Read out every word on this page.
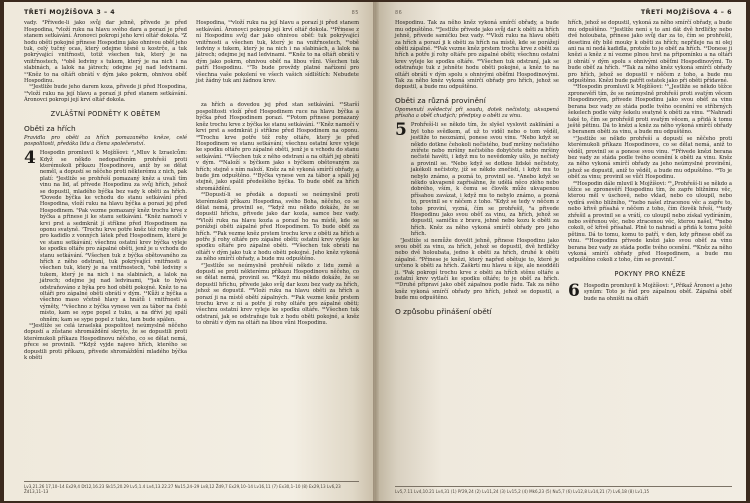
TŘETÍ MOJŽÍŠOVA 3 – 4	85

vady. ³Přivede-li jako svůj dar jehně, přivede je před Hospodina, ⁸vloží ruku na hlavu svého daru a porazí je před stanem setkávání. Áronovci pokropí jeho krví oltář dokola. ⁹Z hodu oběti pokojné přinese Hospodinu jako ohnivou oběť jeho tuk, celý tučný ocas, který odejme těsně u kostrče, a tuk pokrývající vnitřnosti, totiž všechen tuk, který je na vnitřnostech, ¹⁰obě ledviny s tukem, který je na nich i na slabinách, a lalok na játrech; odejme jej nad ledvinami. ¹¹Kněz to na oltáři obrátí v dým jako pokrm, ohnivou oběť Hospodinu.

¹²Jestliže bude jeho darem koza, přivede ji před Hospodina, ¹³vloží ruku na její hlavu a porazí ji před stanem setkávání. Áronovci pokropí její krví oltář dokola.

ZVLÁŠTNÍ PODNĚTY K OBĚTEM
Oběti za hřích
Pravidla pro oběti za hřích pomazaného kněze, celé pospolitosti, předáka lidu a člena společenství.
4 Hospodin promluvil k Mojžíšovi: ²„Mluv k Izraelcům: Když se někdo nedopatřením prohřeší proti kterémukoli příkazu Hospodinovu, aniž by se dělat neměl, a dopustí se něčeho proti některému z nich, pak platí: ³Jestliže se prohřeší pomazaný kněz a uvalí tím vinu na lid, ať přivede Hospodinu za svůj hřích, jehož se dopustil, mladého býčka bez vady k oběti za hřích. ⁴Dovede býčka ke vchodu do stanu setkávání před Hospodina, vloží ruku na hlavu býčka a porazí jej před Hospodinem. ⁵Pak vezme pomazaný kněz trochu krve z býčka a přinese ji ke stanu setkávání. ⁶Kněz namočí v krvi prst a sedmkrát jí stříkne před Hospodinem na oponu svatyně. ⁷Trochu krve potře kněz též rohy oltáře pro kadidlo z vonných látek před Hospodinem, které je ve stanu setkávání; všechnu ostatní krev býčka vyleje ke spodku oltáře pro zápalné oběti, jenž je u vchodu do stanu setkávání. ⁸Všechen tuk z býčka obětovaného za hřích z něho odstraní, tuk pokrývající vnitřnosti a všechen tuk, který je na vnitřnostech, ⁹obě ledviny s tukem, který je na nich i na slabinách, a lalok na játrech; odejme jej nad ledvinami, ¹⁰jak to bývá odstraňováno z býka pro hod oběti pokojné. Kněz to na oltáři pro zápalné oběti obrátí v dým. ¹¹Kůži z býčka a všechno maso včetně hlavy a hnátů i vnitřnosti a výměty, ¹²všechno z býčka vynese ven za tábor na čisté místo, kam se sype popel z tuku, a na dříví jej spálí ohněm; kam se sype popel z tuku, tam bude spálen.

¹³Jestliže se celá izraelská pospolitost neúmyslně něčeho dopustí a zůstane shromáždění skryto, že se dopustili proti kterémukoli příkazu Hospodinovu něčeho, co se dělat nemá, přece se provinili. ¹⁴Když vyjde najevo hřích, kterého se dopustili proti příkazu, přivede shromáždění mladého býčka k oběti

Hospodina, ¹³vloží ruku na její hlavu a porazí ji před stanem setkávání. Áronovci pokropí její krví oltář dokola. ¹⁴Přinese z ní Hospodinu svůj dar jako ohnivou oběť: tuk pokrývající vnitřnosti a všechen tuk, který je na vnitřnostech, ¹⁵obě ledviny s tukem, který je na nich i na slabinách, a lalok na játrech; odejme jej nad ledvinami. ¹⁶Kněz to na oltáři obrátí v dým jako pokrm, ohnivou oběť na libou vůni. Všechen tuk patří Hospodinu. ¹⁷To bude provždy platné nařízení pro všechna vaše pokolení ve všech vašich sídlištích: Nebudete jíst žádný tuk ani žádnou krev.

za hřích a dovedou jej před stan setkávání. ¹⁵Starší pospolitosti vloží před Hospodinem ruce na hlavu býčka a býčka před Hospodinem porazí. ¹⁶Potom přinese pomazaný kněz trochu krve z býčka ke stanu setkávání. ¹⁷Kněz namočí v krvi prst a sedmkrát jí stříkne před Hospodinem na oponu. ¹⁸Trochu krve potře též rohy oltáře, který je před Hospodinem ve stanu setkávání; všechnu ostatní krev vyleje ke spodku oltáře pro zápalné oběti, jenž je u vchodu do stanu setkávání. ¹⁹Všechen tuk z něho odstraní a na oltáři jej obrátí v dým. ²⁰Naloží s býčkem jako s býčkem obětovaným za hřích; stejně s ním naloží. Kněz za ně vykoná smírčí obřady, a bude jim odpuštěno. ²¹Býčka vynese ven za tábor a spálí jej stejně, jako spálil předešlého býčka. To bude oběť za hřích shromáždění.

²²Dopustí-li se předák a dopustí se neúmyslně proti kterémukoli příkazu Hospodina, svého Boha, něčeho, co se dělat nemá, provinil se, ²³když mu někdo dokáže, že se dopustil hříchu, přivede jako dar kozla, samce bez vady. ²⁴Vloží ruku na hlavu kozla a porazí ho na místě, kde se porážejí oběti zápalné před Hospodinem. To bude oběť za hřích. ²⁵Pak vezme kněz prstem trochu krve z oběti za hřích a potře jí rohy oltáře pro zápalné oběti; ostatní krev vyleje ke spodku oltáře pro zápalné oběti. ²⁶Všechen tuk obrátí na oltáři v dým jako tuk z hodu oběti pokojné. Jeho kněz vykoná za něho smírčí obřady, a bude mu odpuštěno.

²⁷Jestliže se neúmyslně prohřeší někdo z lidu země a dopustí se proti některému příkazu Hospodinovu něčeho, co se dělat nemá, provinil se. ²⁸Když mu někdo dokáže, že se dopustil hříchu, přivede jako svůj dar kozu bez vady za hřích, jehož se dopustil. ²⁹Vloží ruku na hlavu oběti za hřích a porazí ji na místě obětí zápalných. ³⁰Pak vezme kněz prstem trochu krve z ní a potře jí rohy oltáře pro zápalné oběti; všechnu ostatní krev vyleje ke spodku oltáře. ³¹Všechen tuk odstraní, jak se odstraňuje tuk z hodu oběti pokojné, a kněz to obrátí v dým na oltáři na libou vůni Hospodinu.

Lv3,21.26 17,10–14 Ex29,4 Dt12,16.23 Sk15,20.29 Lv5,1.4 Lv4,13.22.27 Nu15,24–29 Lv8,12 Žd9,7 Ex29,10–14 Lv16,11 (7) Ex30,1–10 (8) Ex29,13 Lv6,23 Žd13,11–13
86	TŘETÍ MOJŽÍŠOVA 4 – 6

Hospodinu. Tak za něho kněz vykoná smírčí obřady, a bude mu odpuštěno. ³²Jestliže přivede jako svůj dar k oběti za hřích jehně, přivede samičku bez vady. ³³Vloží ruku na hlavu oběti za hřích a porazí ji k oběti za hřích na místě, kde se porážejí oběti zápalné. ³⁴Pak vezme kněz prstem trochu krve z oběti za hřích a potře jí rohy oltáře pro zápalné oběti; všechnu ostatní krev vyleje ke spodku oltáře. ³⁵Všechen tuk odstraní, jak se odstraňuje tuk z jehněte hodu oběti pokojné, a kněz to na oltáři obrátí v dým spolu s ohnivými oběťmi Hospodinovými. Tak za něho kněz vykoná smírčí obřady pro hřích, jehož se dopustil, a bude mu odpuštěno.

Oběti za různá provinění
Opomenutí svědectví při soudu, dotek nečistoty, ukvapená přísaha a oběť chudých; předpisy o oběti za vinu.
5 Prohřeší-li se někdo tím, že slyšel vyslovit zaklínání a byl toho svědkem, ať už to viděl nebo o tom věděl, jestliže to neoznámí, ponese svou vinu. ²Nebo když se někdo dotkne čehokoli nečistého, buď mršiny nečistého zvířete nebo mršiny nečistého dobytčete nebo mršiny nečisté havěti, i když mu to nevědomky ušlo, je nečistý a provinil se. ³Nebo když se dotkne lidské nečistoty, jakékoli nečistoty, jíž se někdo znečistí, i když mu to nebylo známo, a pozná to, provinil se. ⁴Anebo když se někdo ukvapeně zapřisáhne, že udělá něco zlého nebo dobrého, vším, k čemu se člověk může ukvapenou přísahou zavázat, i když mu to nebylo známo, a pozná to, provinil se v něčem z toho. ⁵Když se tedy v něčem z toho proviní, vyzná, čím se prohřešil, ⁶a přivede Hospodinu jako svou oběť za vinu, za hřích, jehož se dopustil, samičku z bravu, jehně nebo kozu k oběti za hřích. Kněz za něho vykoná smírčí obřady pro jeho hřích.

⁷Jestliže si nemůže dovolit jehně, přinese Hospodinu jako svou oběť za vinu, za hřích, jehož se dopustil, dvě hrdličky nebo dvě holoubata, jedno k oběti za hřích, druhé k oběti zápalné. ⁸Přinese je knězi, který napřed obětuje to, které je určeno k oběti za hřích. Zaškrtí mu hlavu u šíje, ale neoddělí ji. ⁹Pak pokropí trochu krve z oběti za hřích stěnu oltáře a ostatní krev vytlačí ke spodku oltáře; to je oběť za hřích. ¹⁰Druhé připraví jako oběť zápalnou podle řádu. Tak za něho kněz vykoná smírčí obřady pro hřích, jehož se dopustil, a bude mu odpuštěno.

O způsobu přinášení obětí

hřích, jehož se dopustil, vykoná za něho smírčí obřady, a bude mu odpuštěno. ¹¹Jestliže není s to ani dát dvě hrdličky nebo dvě holoubata, přinese jako svůj dar za to, čím se prohřešil, desetinu éfy bílé mouky k oběti za hřích; nepřileje na ni olej ani na ni nedá kadidla, protože to je oběť za hřích. ¹²Donese ji knězi a kněz z ní vezme plnou hrst na připomínku a na oltáři ji obrátí v dým spolu s ohnivými oběťmi Hospodinovými. To bude oběť za hřích. ¹³Tak za něho kněz vykoná smírčí obřady pro hřích, jehož se dopustil v něčem z toho, a bude mu odpuštěno. Knězi bude patřit ostatek jako při oběti přídavné.

¹⁴Hospodin promluvil k Mojžíšovi: ¹⁵„Jestliže se někdo těžce zpronevěří tím, že se neúmyslně prohřeší proti svatým věcem Hospodinovým, přivede Hospodinu jako svou oběť za vinu berana bez vady ze stáda podle tvého ocenění ve stříbrných šekelech podle váhy šekelu svatyně k oběti za vinu. ¹⁶Nahradí také to, čím se prohřešil proti svatým věcem, a přidá k tomu ještě pětinu. Dá to knězi a kněz za něho vykoná smírčí obřady s beranem oběti za vinu, a bude mu odpuštěno.

¹⁷Jestliže se někdo prohřeší a dopustí se něčeho proti kterémukoli příkazu Hospodinovu, co se dělat nemá, aniž to věděl, provinil se a ponese svou vinu. ¹⁸Přivede knězi berana bez vady ze stáda podle tvého ocenění k oběti za vinu. Kněz za něho vykoná smírčí obřady za jeho neúmyslné provinění, jehož se dopustil, aniž to věděl, a bude mu odpuštěno. ¹⁹To je oběť za vinu; provinil se vůči Hospodinu.

²⁰Hospodin dále mluvil k Mojžíšovi: ²¹„Prohřeší-li se někdo a těžce se zpronevěří Hospodinu tím, že zapře bližnímu věc, kterou měl v úschově, nebo vklad, nebo co uloupil, nebo vydírá svého bližního, ²²nebo našel ztracenou věc a zapře to, nebo křivě přísahá v něčem z toho, čím člověk hřeší, ²³tedy zhřešil a provinil se a vrátí, co uloupil nebo získal vydíráním, nebo svěřenou věc, nebo ztracenou věc, kterou našel, ²⁴nebo cokoli, oč křivě přísahal. Plně to nahradí a přidá k tomu ještě pětinu. Dá to tomu, komu to patří, v den, kdy přinese oběť za vinu. ²⁵Hospodinu přivede knězi jako svou oběť za vinu berana bez vady ze stáda podle tvého ocenění. ²⁶Kněz za něho vykoná smírčí obřady před Hospodinem, a bude mu odpuštěno cokoli z toho, čím se provinil.“

POKYNY PRO KNĚZE
6 Hospodin promluvil k Mojžíšovi: ²„Přikaž Áronovi a jeho synům: Toto je řád pro zápalnou oběť. Zápalná oběť bude na ohništi na oltáři

Lv5,7.11 Lv4,10.21 Lv4,31 (1) Př29,24 (2) Lv11,24 (3) Lv15,2 (4) Mk6,23 (5) Nu5,7 (6) Lv12,8 Lv14,21 (7) Lv6,18 (8) Lv1,15
